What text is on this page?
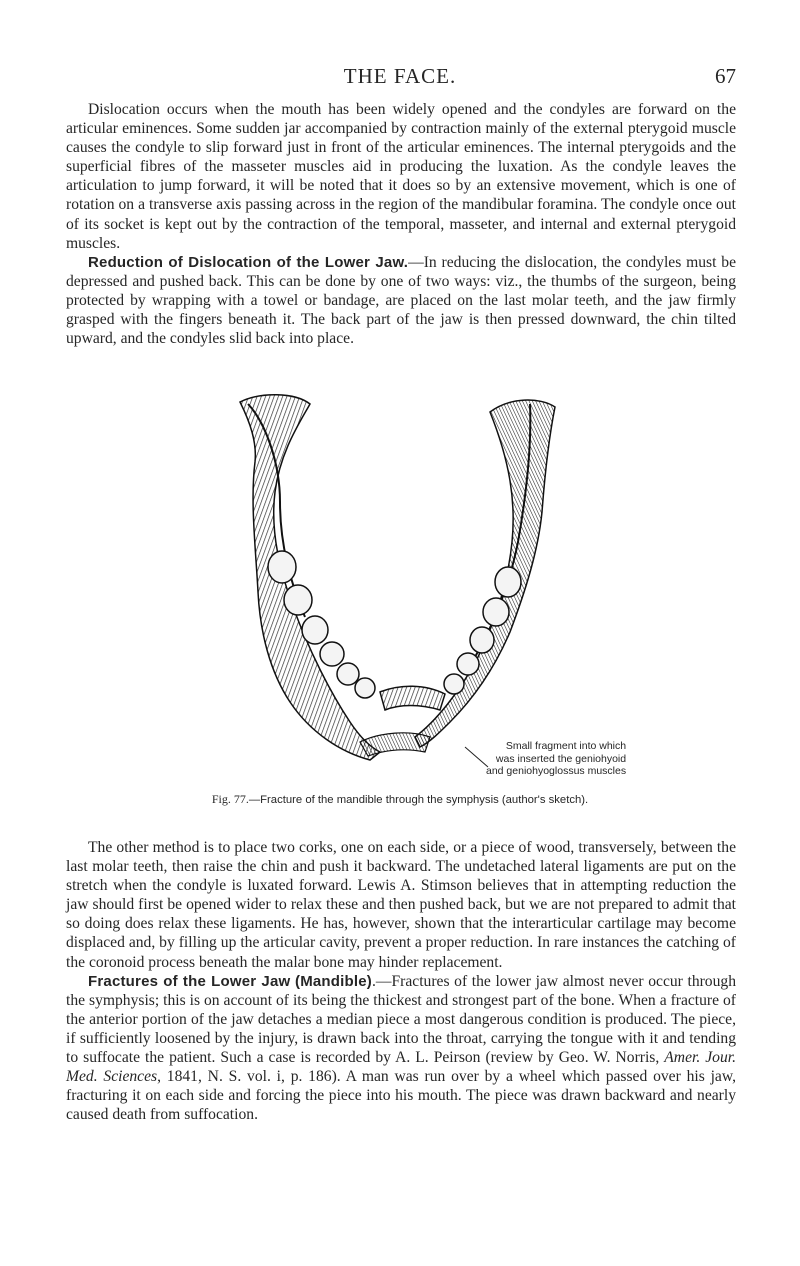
THE FACE.	67

Dislocation occurs when the mouth has been widely opened and the condyles are forward on the articular eminences. Some sudden jar accompanied by contraction mainly of the external pterygoid muscle causes the condyle to slip forward just in front of the articular eminences. The internal pterygoids and the superficial fibres of the masseter muscles aid in producing the luxation. As the condyle leaves the articulation to jump forward, it will be noted that it does so by an extensive movement, which is one of rotation on a transverse axis passing across in the region of the mandibular foramina. The condyle once out of its socket is kept out by the contraction of the temporal, masseter, and internal and external pterygoid muscles.

Reduction of Dislocation of the Lower Jaw.—In reducing the dislocation, the condyles must be depressed and pushed back. This can be done by one of two ways: viz., the thumbs of the surgeon, being protected by wrapping with a towel or bandage, are placed on the last molar teeth, and the jaw firmly grasped with the fingers beneath it. The back part of the jaw is then pressed downward, the chin tilted upward, and the condyles slid back into place.

Small fragment into which
was inserted the geniohyoid
and geniohyoglossus muscles
Fig. 77.—Fracture of the mandible through the symphysis (author's sketch).

The other method is to place two corks, one on each side, or a piece of wood, transversely, between the last molar teeth, then raise the chin and push it backward. The undetached lateral ligaments are put on the stretch when the condyle is luxated forward. Lewis A. Stimson believes that in attempting reduction the jaw should first be opened wider to relax these and then pushed back, but we are not prepared to admit that so doing does relax these ligaments. He has, however, shown that the interarticular cartilage may become displaced and, by filling up the articular cavity, prevent a proper reduction. In rare instances the catching of the coronoid process beneath the malar bone may hinder replacement.

Fractures of the Lower Jaw (Mandible).—Fractures of the lower jaw almost never occur through the symphysis; this is on account of its being the thickest and strongest part of the bone. When a fracture of the anterior portion of the jaw detaches a median piece a most dangerous condition is produced. The piece, if sufficiently loosened by the injury, is drawn back into the throat, carrying the tongue with it and tending to suffocate the patient. Such a case is recorded by A. L. Peirson (review by Geo. W. Norris, Amer. Jour. Med. Sciences, 1841, N. S. vol. i, p. 186). A man was run over by a wheel which passed over his jaw, fracturing it on each side and forcing the piece into his mouth. The piece was drawn backward and nearly caused death from suffocation.
